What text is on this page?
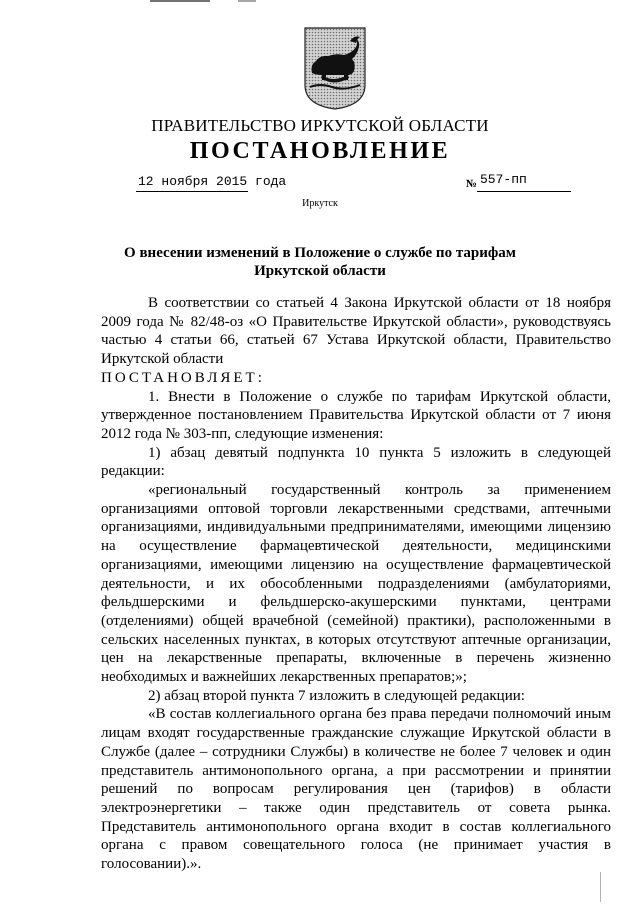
ПРАВИТЕЛЬСТВО ИРКУТСКОЙ ОБЛАСТИ
ПОСТАНОВЛЕНИЕ
12 ноября 2015 года	№ 557-пп
Иркутск
О внесении изменений в Положение о службе по тарифам
Иркутской области

В соответствии со статьей 4 Закона Иркутской области от 18 ноября 2009 года № 82/48-оз «О Правительстве Иркутской области», руководствуясь частью 4 статьи 66, статьей 67 Устава Иркутской области, Правительство Иркутской области

ПОСТАНОВЛЯЕТ:

1. Внести в Положение о службе по тарифам Иркутской области, утвержденное постановлением Правительства Иркутской области от 7 июня 2012 года № 303-пп, следующие изменения:

1) абзац девятый подпункта 10 пункта 5 изложить в следующей редакции:

«региональный государственный контроль за применением организациями оптовой торговли лекарственными средствами, аптечными организациями, индивидуальными предпринимателями, имеющими лицензию на осуществление фармацевтической деятельности, медицинскими организациями, имеющими лицензию на осуществление фармацевтической деятельности, и их обособленными подразделениями (амбулаториями, фельдшерскими и фельдшерско-акушерскими пунктами, центрами (отделениями) общей врачебной (семейной) практики), расположенными в сельских населенных пунктах, в которых отсутствуют аптечные организации, цен на лекарственные препараты, включенные в перечень жизненно необходимых и важнейших лекарственных препаратов;»;

2) абзац второй пункта 7 изложить в следующей редакции:

«В состав коллегиального органа без права передачи полномочий иным лицам входят государственные гражданские служащие Иркутской области в Службе (далее – сотрудники Службы) в количестве не более 7 человек и один представитель антимонопольного органа, а при рассмотрении и принятии решений по вопросам регулирования цен (тарифов) в области электроэнергетики – также один представитель от совета рынка. Представитель антимонопольного органа входит в состав коллегиального органа с правом совещательного голоса (не принимает участия в голосовании).».
